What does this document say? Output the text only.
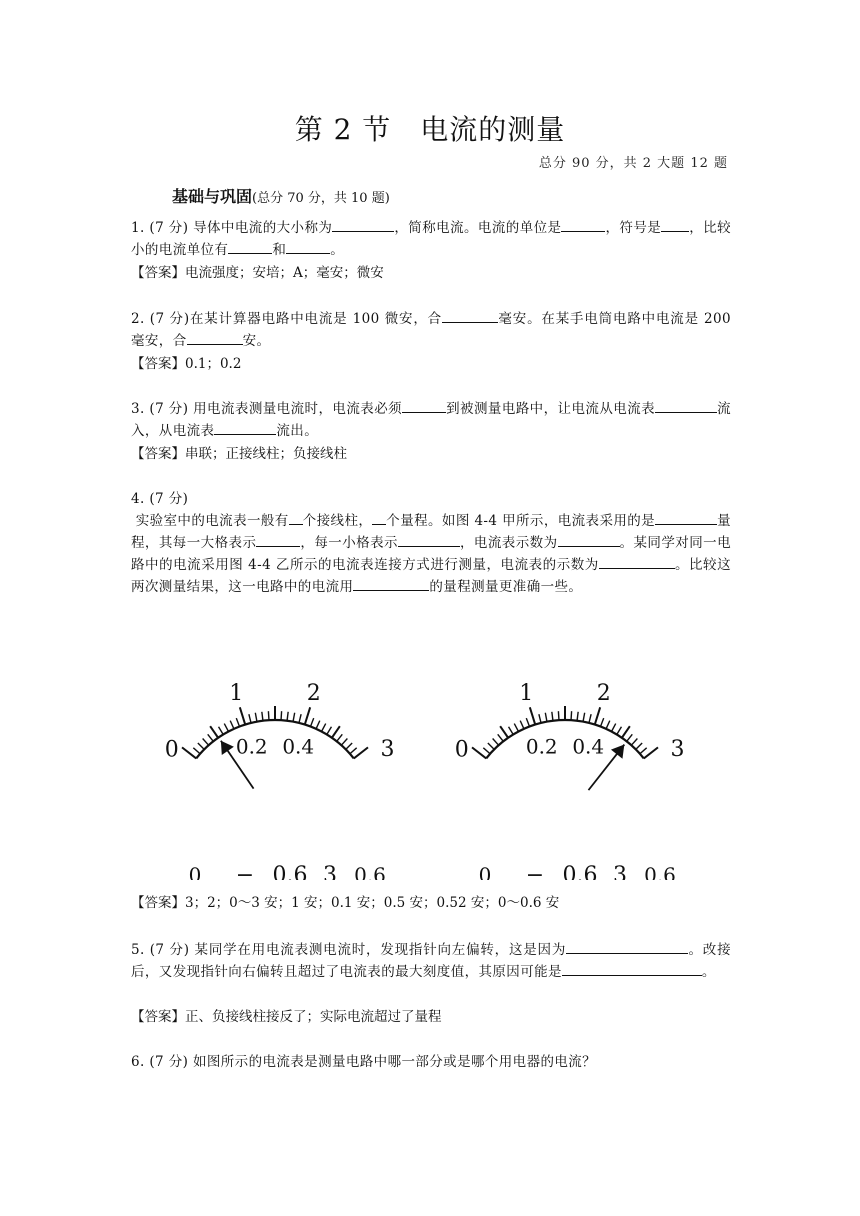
第 2 节　电流的测量
总分 90 分，共 2 大题 12 题
基础与巩固(总分 70 分，共 10 题)
1. (7 分) 导体中电流的大小称为	，简称电流。电流的单位是	，符号是 ，比较小的电流单位有	和	。
【答案】电流强度；安培；A；毫安；微安
2. (7 分)在某计算器电路中电流是 100 微安，合	毫安。在某手电筒电路中电流是 200 毫安，合	安。
【答案】0.1；0.2
3. (7 分) 用电流表测量电流时，电流表必须	到被测量电路中，让电流从电流表	流入，从电流表	流出。
【答案】串联；正接线柱；负接线柱
4. (7 分)
实验室中的电流表一般有 个接线柱， 个量程。如图 4-4 甲所示，电流表采用的是	量程，其每一大格表示	，每一小格表示	，电流表示数为	。某同学对同一电路中的电流采用图 4-4 乙所示的电流表连接方式进行测量，电流表的示数为	。比较这两次测量结果，这一电路中的电流用	的量程测量更准确一些。
0
1	2
3
0.2 0.4
0.6
0 − 0.6 3
0
1	2
3
0.2 0.4
0.6
0 − 0.6 3
【答案】3；2；0～3 安；1 安；0.1 安；0.5 安；0.52 安；0～0.6 安
5. (7 分) 某同学在用电流表测电流时，发现指针向左偏转，这是因为	。改接后，又发现指针向右偏转且超过了电流表的最大刻度值，其原因可能是	。
【答案】正、负接线柱接反了；实际电流超过了量程
6. (7 分) 如图所示的电流表是测量电路中哪一部分或是哪个用电器的电流？
